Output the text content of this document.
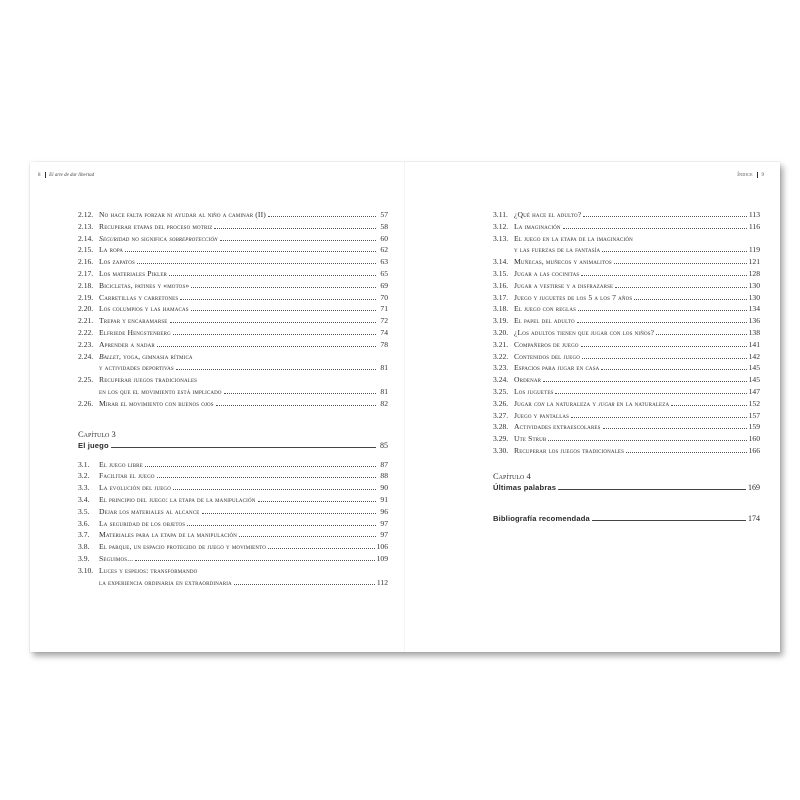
8 El arte de dar libertad
2.12. No hace falta forzar ni ayudar al niño a caminar (II)	57
2.13. Recuperar etapas del proceso motriz	58
2.14. Seguridad no significa sobreprotección	60
2.15. La ropa	62
2.16. Los zapatos	63
2.17. Los materiales Pikler	65
2.18. Bicicletas, patines y «motos»	69
2.19. Carretillas y carretones	70
2.20. Los columpios y las hamacas	71
2.21. Trepar y encaramarse	72
2.22. Elfriede Hengstenberg	74
2.23. Aprender a nadar	78
2.24. Ballet, yoga, gimnasia rítmica
y actividades deportivas	81
2.25. Recuperar juegos tradicionales
en los que el movimiento está implicado	81
2.26. Mirar el movimiento con buenos ojos	82
Capítulo 3
El juego	85
3.1. El juego libre	87
3.2. Facilitar el juego	88
3.3. La evolución del juego	90
3.4. El principio del juego: la etapa de la manipulación	91
3.5. Dejar los materiales al alcance	96
3.6. La seguridad de los objetos	97
3.7. Materiales para la etapa de la manipulación	97
3.8. El parque, un espacio protegido de juego y movimiento	106
3.9. Seguimos...	109
3.10. Luces y espejos: transformando
la experiencia ordinaria en extraordinaria	112
Índice 9
3.11. ¿Qué hace el adulto?	113
3.12. La imaginación	116
3.13. El juego en la etapa de la imaginación
y las fuerzas de la fantasía	119
3.14. Muñecas, muñecos y animalitos	121
3.15. Jugar a las cocinitas	128
3.16. Jugar a vestirse y a disfrazarse	130
3.17. Juego y juguetes de los 5 a los 7 años	130
3.18. El juego con reglas	134
3.19. El papel del adulto	136
3.20. ¿Los adultos tienen que jugar con los niños?	138
3.21. Compañeros de juego	141
3.22. Contenidos del juego	142
3.23. Espacios para jugar en casa	145
3.24. Ordenar	145
3.25. Los juguetes	147
3.26. Jugar con la naturaleza y jugar en la naturaleza	152
3.27. Juego y pantallas	157
3.28. Actividades extraescolares	159
3.29. Ute Strub	160
3.30. Recuperar los juegos tradicionales	166
Capítulo 4
Últimas palabras	169
Bibliografía recomendada	174
